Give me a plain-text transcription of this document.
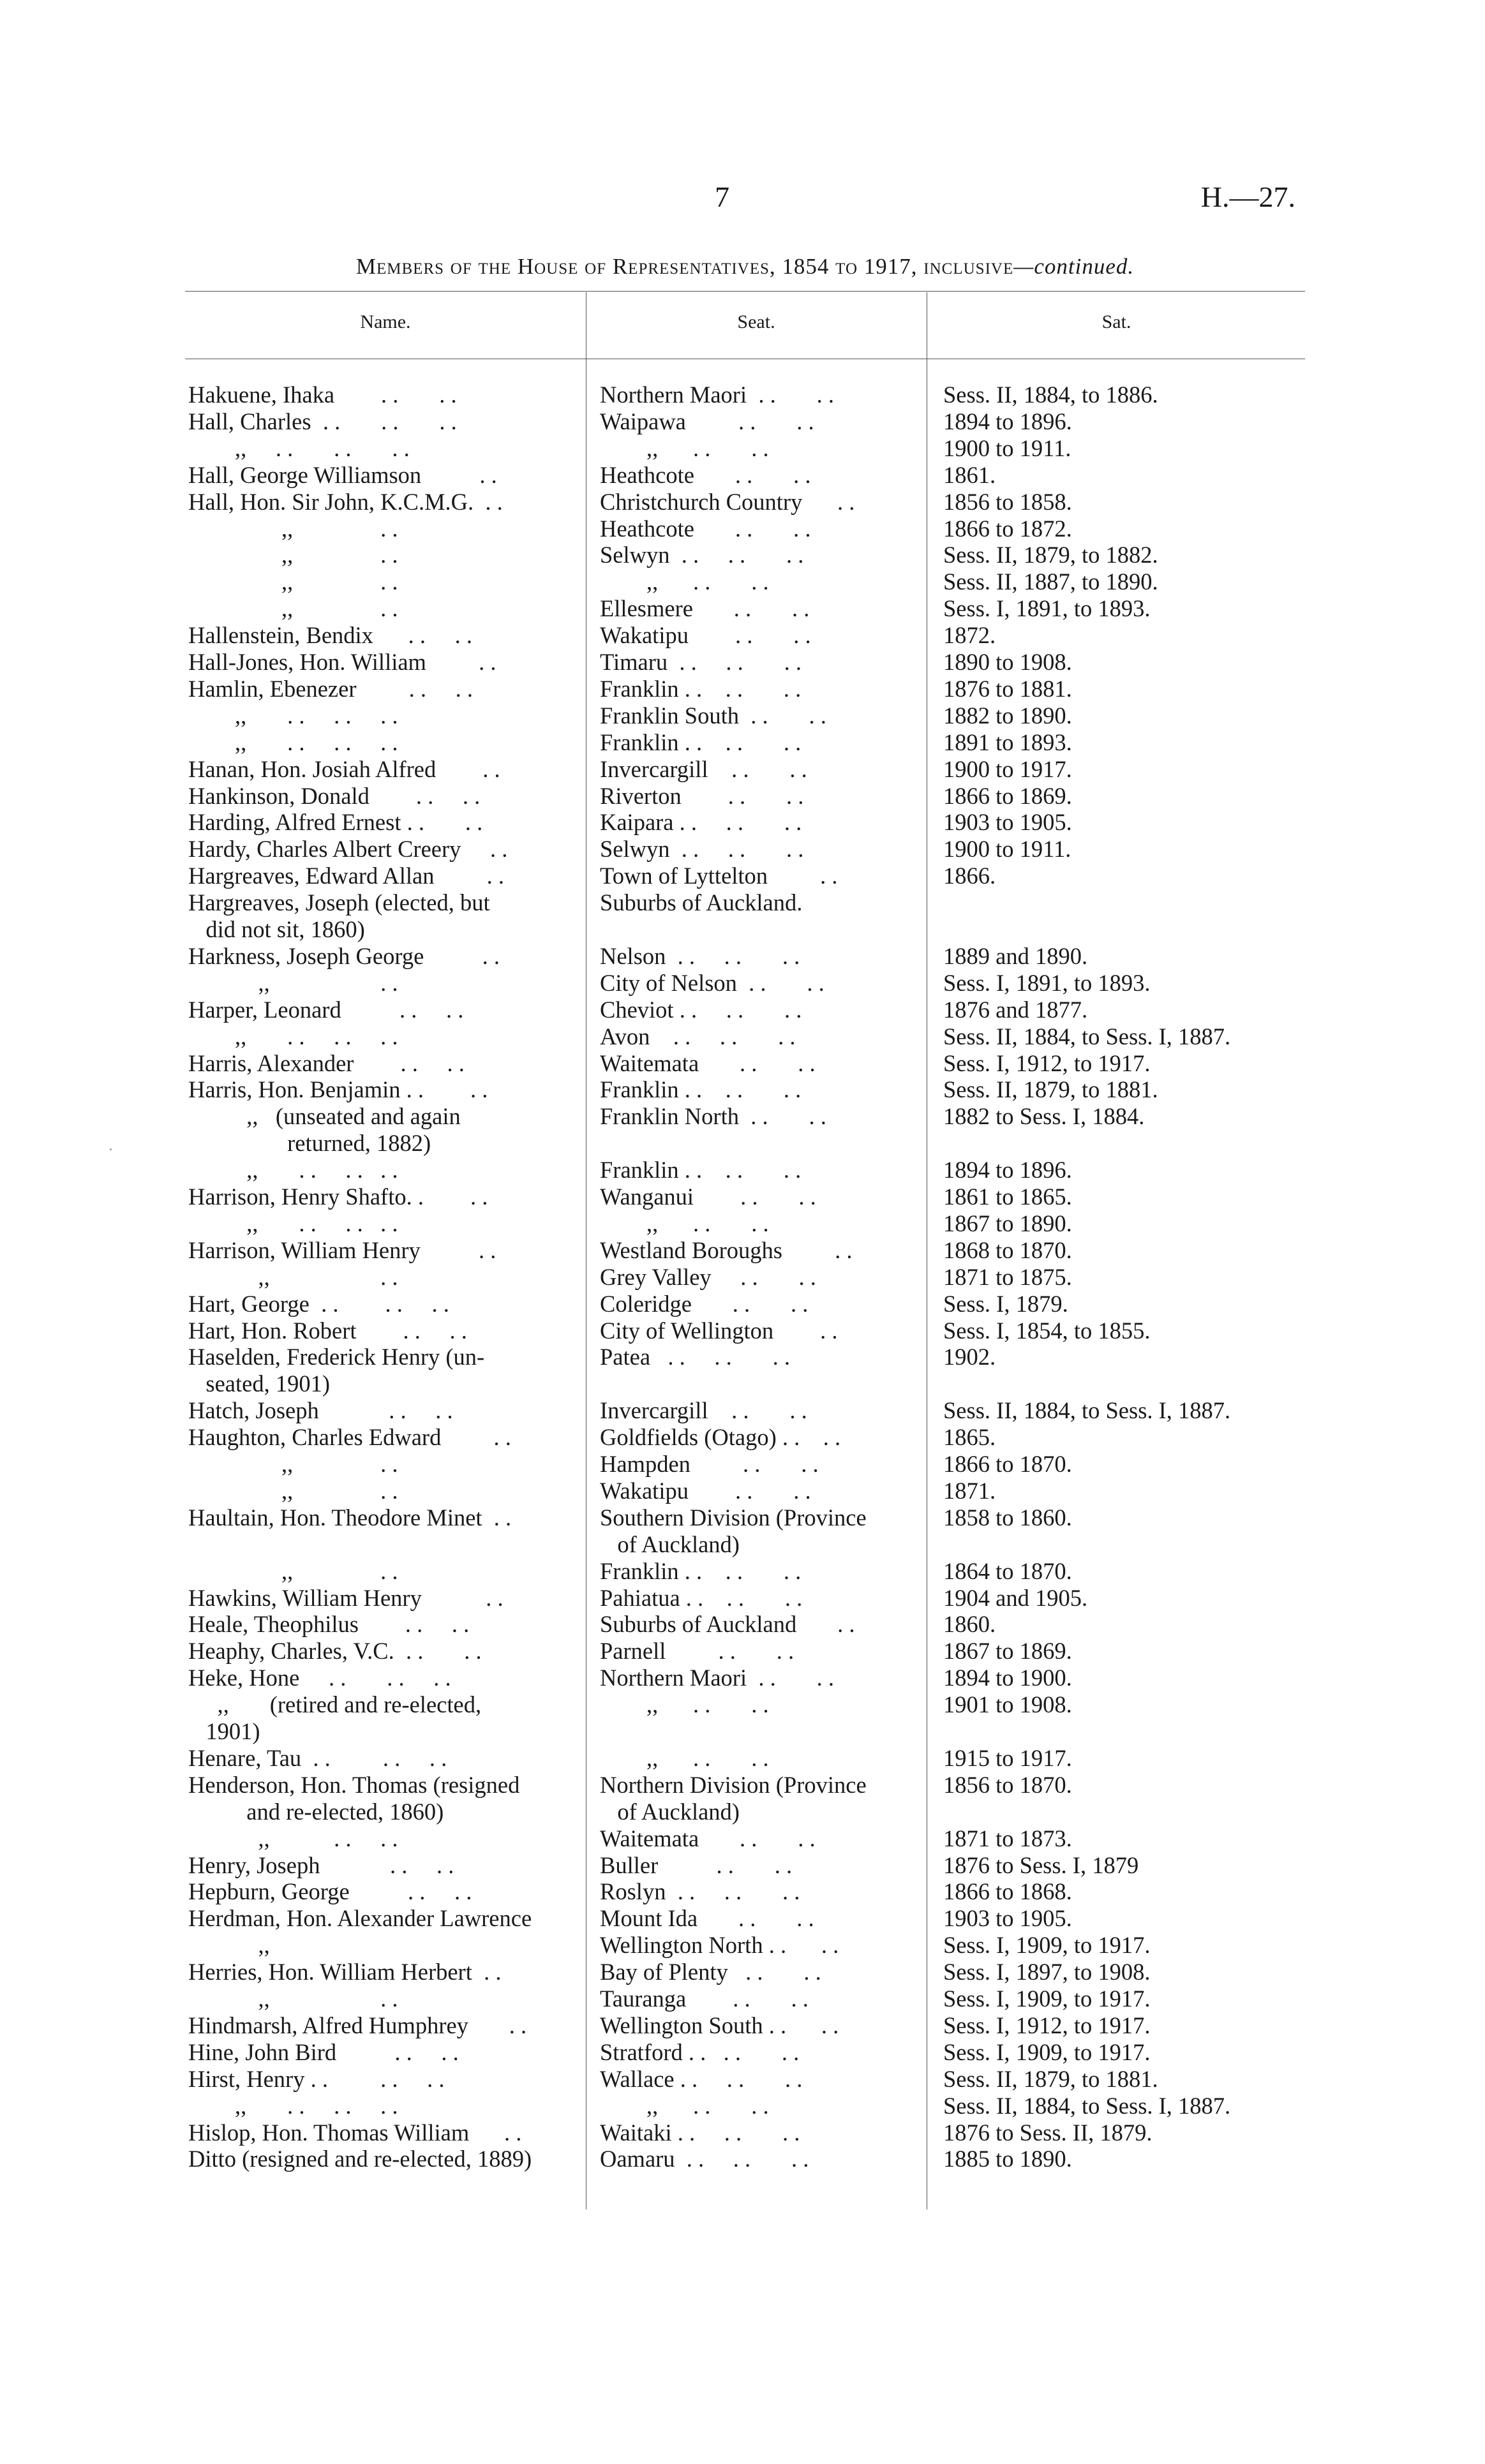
7	H.—27.
Members of the House of Representatives, 1854 to 1917, inclusive—continued.
Name.	Seat.	Sat.
Hakuene, Ihaka        . .       . .	Northern Maori  . .       . .	Sess. II, 1884, to 1886.
Hall, Charles  . .       . .       . .	Waipawa         . .       . .	1894 to 1896.
,,     . .       . .       . .	,,      . .       . .	1900 to 1911.
Hall, George Williamson          . .	Heathcote       . .       . .	1861.
Hall, Hon. Sir John, K.C.M.G.  . .	Christchurch Country      . .	1856 to 1858.
,,               . .	Heathcote       . .       . .	1866 to 1872.
,,               . .	Selwyn  . .     . .       . .	Sess. II, 1879, to 1882.
,,               . .	,,      . .       . .	Sess. II, 1887, to 1890.
,,               . .	Ellesmere       . .       . .	Sess. I, 1891, to 1893.
Hallenstein, Bendix      . .     . .	Wakatipu        . .       . .	1872.
Hall-Jones, Hon. William         . .	Timaru  . .     . .       . .	1890 to 1908.
Hamlin, Ebenezer         . .     . .	Franklin . .    . .       . .	1876 to 1881.
,,       . .     . .     . .	Franklin South  . .       . .	1882 to 1890.
,,       . .     . .     . .	Franklin . .    . .       . .	1891 to 1893.
Hanan, Hon. Josiah Alfred        . .	Invercargill    . .       . .	1900 to 1917.
Hankinson, Donald        . .     . .	Riverton        . .       . .	1866 to 1869.
Harding, Alfred Ernest . .       . .	Kaipara . .     . .       . .	1903 to 1905.
Hardy, Charles Albert Creery     . .	Selwyn  . .     . .       . .	1900 to 1911.
Hargreaves, Edward Allan         . .	Town of Lyttelton         . .	1866.
Hargreaves, Joseph (elected, but	Suburbs of Auckland.
did not sit, 1860)
Harkness, Joseph George          . .	Nelson  . .     . .       . .	1889 and 1890.
,,                   . .	City of Nelson  . .       . .	Sess. I, 1891, to 1893.
Harper, Leonard          . .     . .	Cheviot . .     . .       . .	1876 and 1877.
,,       . .     . .     . .	Avon    . .     . .       . .	Sess. II, 1884, to Sess. I, 1887.
Harris, Alexander        . .     . .	Waitemata       . .       . .	Sess. I, 1912, to 1917.
Harris, Hon. Benjamin . .        . .	Franklin . .    . .       . .	Sess. II, 1879, to 1881.
,,   (unseated and again	Franklin North  . .       . .	1882 to Sess. I, 1884.
returned, 1882)
,,       . .     . .   . .	Franklin . .    . .       . .	1894 to 1896.
Harrison, Henry Shafto. .        . .	Wanganui        . .       . .	1861 to 1865.
,,       . .     . .   . .	,,      . .       . .	1867 to 1890.
Harrison, William Henry          . .	Westland Boroughs         . .	1868 to 1870.
,,                   . .	Grey Valley     . .       . .	1871 to 1875.
Hart, George  . .        . .     . .	Coleridge       . .       . .	Sess. I, 1879.
Hart, Hon. Robert        . .     . .	City of Wellington        . .	Sess. I, 1854, to 1855.
Haselden, Frederick Henry (un-	Patea   . .     . .       . .	1902.
seated, 1901)
Hatch, Joseph            . .     . .	Invercargill    . .       . .	Sess. II, 1884, to Sess. I, 1887.
Haughton, Charles Edward         . .	Goldfields (Otago) . .    . .	1865.
,,               . .	Hampden         . .       . .	1866 to 1870.
,,               . .	Wakatipu        . .       . .	1871.
Haultain, Hon. Theodore Minet  . .	Southern Division (Province	1858 to 1860.
of Auckland)
,,               . .	Franklin . .    . .       . .	1864 to 1870.
Hawkins, William Henry           . .	Pahiatua . .    . .       . .	1904 and 1905.
Heale, Theophilus        . .     . .	Suburbs of Auckland       . .	1860.
Heaphy, Charles, V.C.  . .       . .	Parnell         . .       . .	1867 to 1869.
Heke, Hone     . .       . .     . .	Northern Maori  . .       . .	1894 to 1900.
,,       (retired and re-elected,	,,      . .       . .	1901 to 1908.
1901)
Henare, Tau  . .         . .     . .	,,      . .       . .	1915 to 1917.
Henderson, Hon. Thomas (resigned	Northern Division (Province	1856 to 1870.
and re-elected, 1860)	of Auckland)
,,           . .     . .	Waitemata       . .       . .	1871 to 1873.
Henry, Joseph            . .     . .	Buller          . .       . .	1876 to Sess. I, 1879
Hepburn, George          . .     . .	Roslyn  . .     . .       . .	1866 to 1868.
Herdman, Hon. Alexander Lawrence	Mount Ida       . .       . .	1903 to 1905.
,,	Wellington North . .      . .	Sess. I, 1909, to 1917.
Herries, Hon. William Herbert  . .	Bay of Plenty   . .       . .	Sess. I, 1897, to 1908.
,,                   . .	Tauranga        . .       . .	Sess. I, 1909, to 1917.
Hindmarsh, Alfred Humphrey       . .	Wellington South . .      . .	Sess. I, 1912, to 1917.
Hine, John Bird          . .     . .	Stratford . .   . .       . .	Sess. I, 1909, to 1917.
Hirst, Henry . .         . .     . .	Wallace . .     . .       . .	Sess. II, 1879, to 1881.
,,       . .     . .     . .	,,      . .       . .	Sess. II, 1884, to Sess. I, 1887.
Hislop, Hon. Thomas William      . .	Waitaki . .     . .       . .	1876 to Sess. II, 1879.
Ditto (resigned and re-elected, 1889)	Oamaru  . .     . .       . .	1885 to 1890.
